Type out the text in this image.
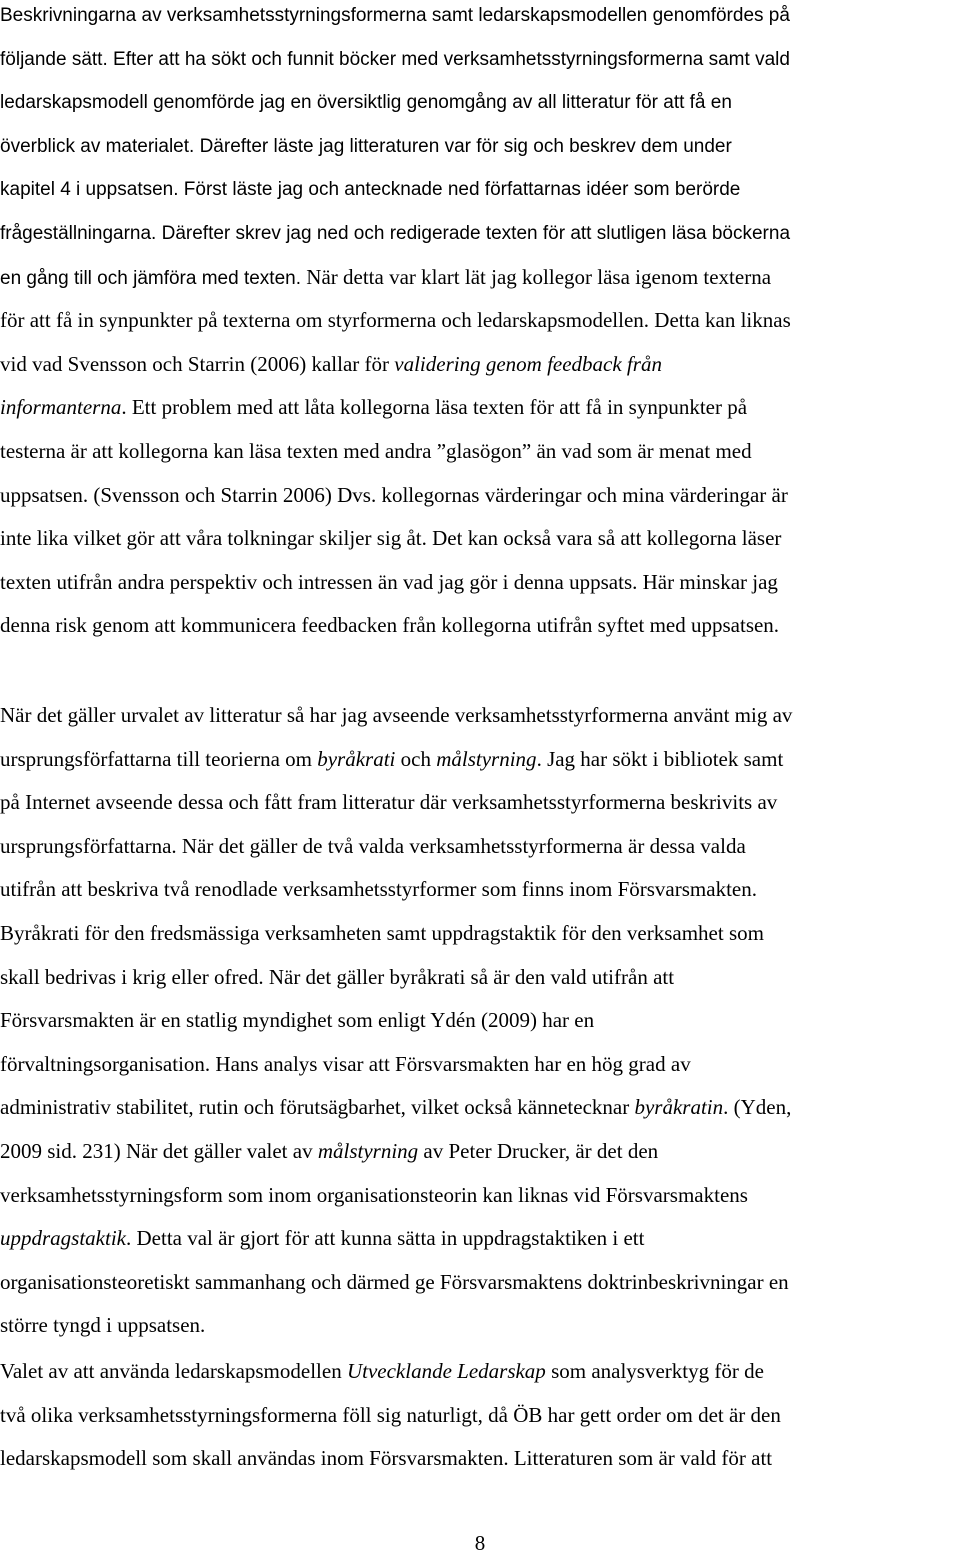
Beskrivningarna av verksamhetsstyrningsformerna samt ledarskapsmodellen genomfördes på
följande sätt. Efter att ha sökt och funnit böcker med verksamhetsstyrningsformerna samt vald
ledarskapsmodell genomförde jag en översiktlig genomgång av all litteratur för att få en
överblick av materialet. Därefter läste jag litteraturen var för sig och beskrev dem under
kapitel 4 i uppsatsen. Först läste jag och antecknade ned författarnas idéer som berörde
frågeställningarna. Därefter skrev jag ned och redigerade texten för att slutligen läsa böckerna
en gång till och jämföra med texten. När detta var klart lät jag kollegor läsa igenom texterna
för att få in synpunkter på texterna om styrformerna och ledarskapsmodellen. Detta kan liknas
vid vad Svensson och Starrin (2006) kallar för validering genom feedback från
informanterna. Ett problem med att låta kollegorna läsa texten för att få in synpunkter på
testerna är att kollegorna kan läsa texten med andra ”glasögon” än vad som är menat med
uppsatsen. (Svensson och Starrin 2006) Dvs. kollegornas värderingar och mina värderingar är
inte lika vilket gör att våra tolkningar skiljer sig åt. Det kan också vara så att kollegorna läser
texten utifrån andra perspektiv och intressen än vad jag gör i denna uppsats. Här minskar jag
denna risk genom att kommunicera feedbacken från kollegorna utifrån syftet med uppsatsen.
När det gäller urvalet av litteratur så har jag avseende verksamhetsstyrformerna använt mig av
ursprungsförfattarna till teorierna om byråkrati och målstyrning. Jag har sökt i bibliotek samt
på Internet avseende dessa och fått fram litteratur där verksamhetsstyrformerna beskrivits av
ursprungsförfattarna. När det gäller de två valda verksamhetsstyrformerna är dessa valda
utifrån att beskriva två renodlade verksamhetsstyrformer som finns inom Försvarsmakten.
Byråkrati för den fredsmässiga verksamheten samt uppdragstaktik för den verksamhet som
skall bedrivas i krig eller ofred. När det gäller byråkrati så är den vald utifrån att
Försvarsmakten är en statlig myndighet som enligt Ydén (2009) har en
förvaltningsorganisation. Hans analys visar att Försvarsmakten har en hög grad av
administrativ stabilitet, rutin och förutsägbarhet, vilket också kännetecknar byråkratin. (Yden,
2009 sid. 231) När det gäller valet av målstyrning av Peter Drucker, är det den
verksamhetsstyrningsform som inom organisationsteorin kan liknas vid Försvarsmaktens
uppdragstaktik. Detta val är gjort för att kunna sätta in uppdragstaktiken i ett
organisationsteoretiskt sammanhang och därmed ge Försvarsmaktens doktrinbeskrivningar en
större tyngd i uppsatsen.
Valet av att använda ledarskapsmodellen Utvecklande Ledarskap som analysverktyg för de
två olika verksamhetsstyrningsformerna föll sig naturligt, då ÖB har gett order om det är den
ledarskapsmodell som skall användas inom Försvarsmakten. Litteraturen som är vald för att
8
